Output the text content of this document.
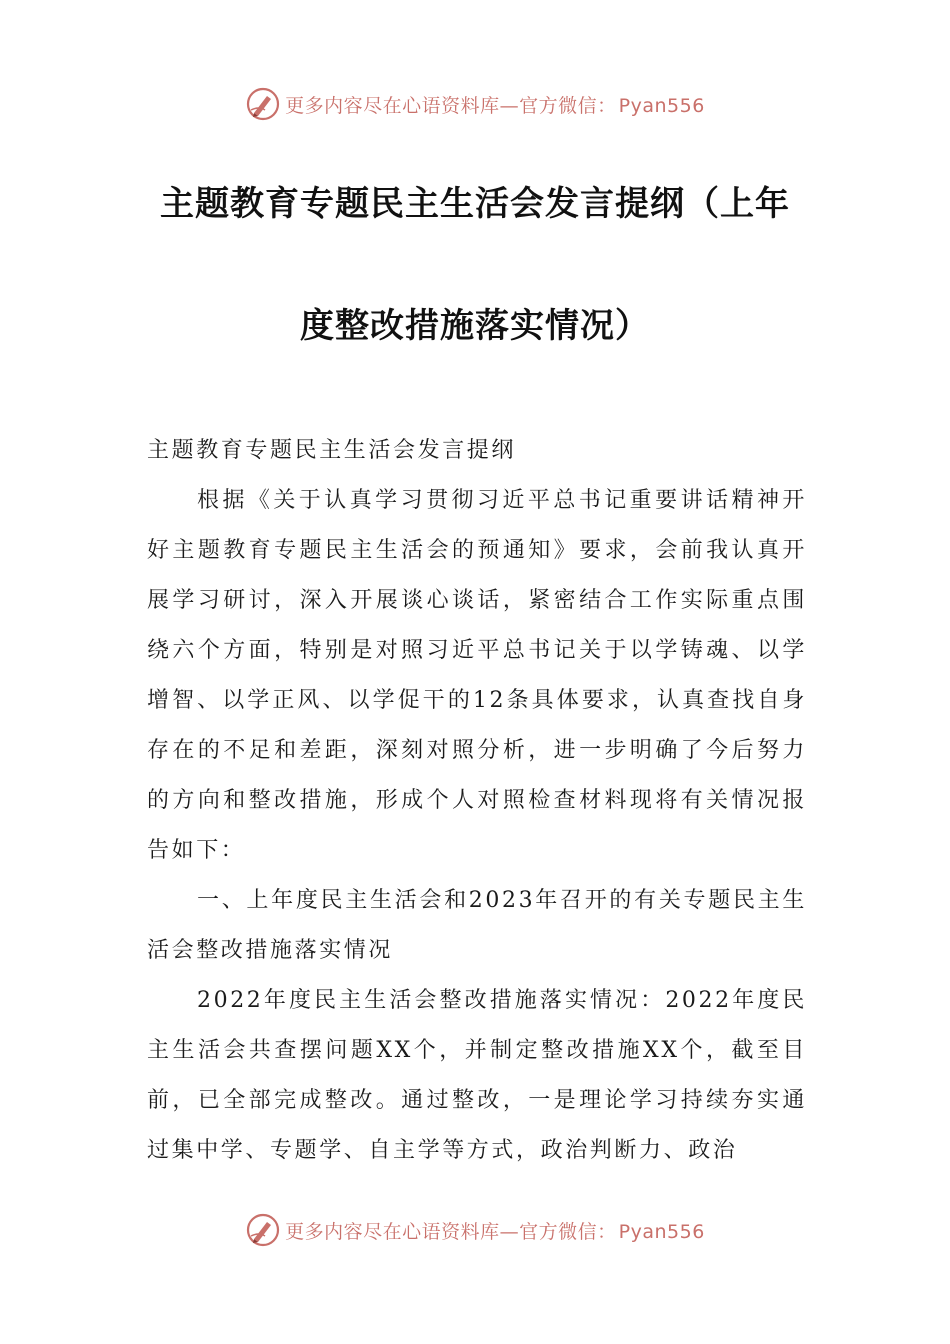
更多内容尽在心语资料库—官方微信： Pyan556
主题教育专题民主生活会发言提纲（上年
度整改措施落实情况）

主题教育专题民主生活会发言提纲

根据《关于认真学习贯彻习近平总书记重要讲话精神开好主题教育专题民主生活会的预通知》要求，会前我认真开展学习研讨，深入开展谈心谈话，紧密结合工作实际重点围绕六个方面，特别是对照习近平总书记关于以学铸魂、以学增智、以学正风、以学促干的12条具体要求，认真查找自身存在的不足和差距，深刻对照分析，进一步明确了今后努力的方向和整改措施，形成个人对照检查材料现将有关情况报告如下：

一、上年度民主生活会和2023年召开的有关专题民主生活会整改措施落实情况

2022年度民主生活会整改措施落实情况：2022年度民主生活会共查摆问题XX个，并制定整改措施XX个，截至目前，已全部完成整改。通过整改，一是理论学习持续夯实通过集中学、专题学、自主学等方式，政治判断力、政治

更多内容尽在心语资料库—官方微信： Pyan556
